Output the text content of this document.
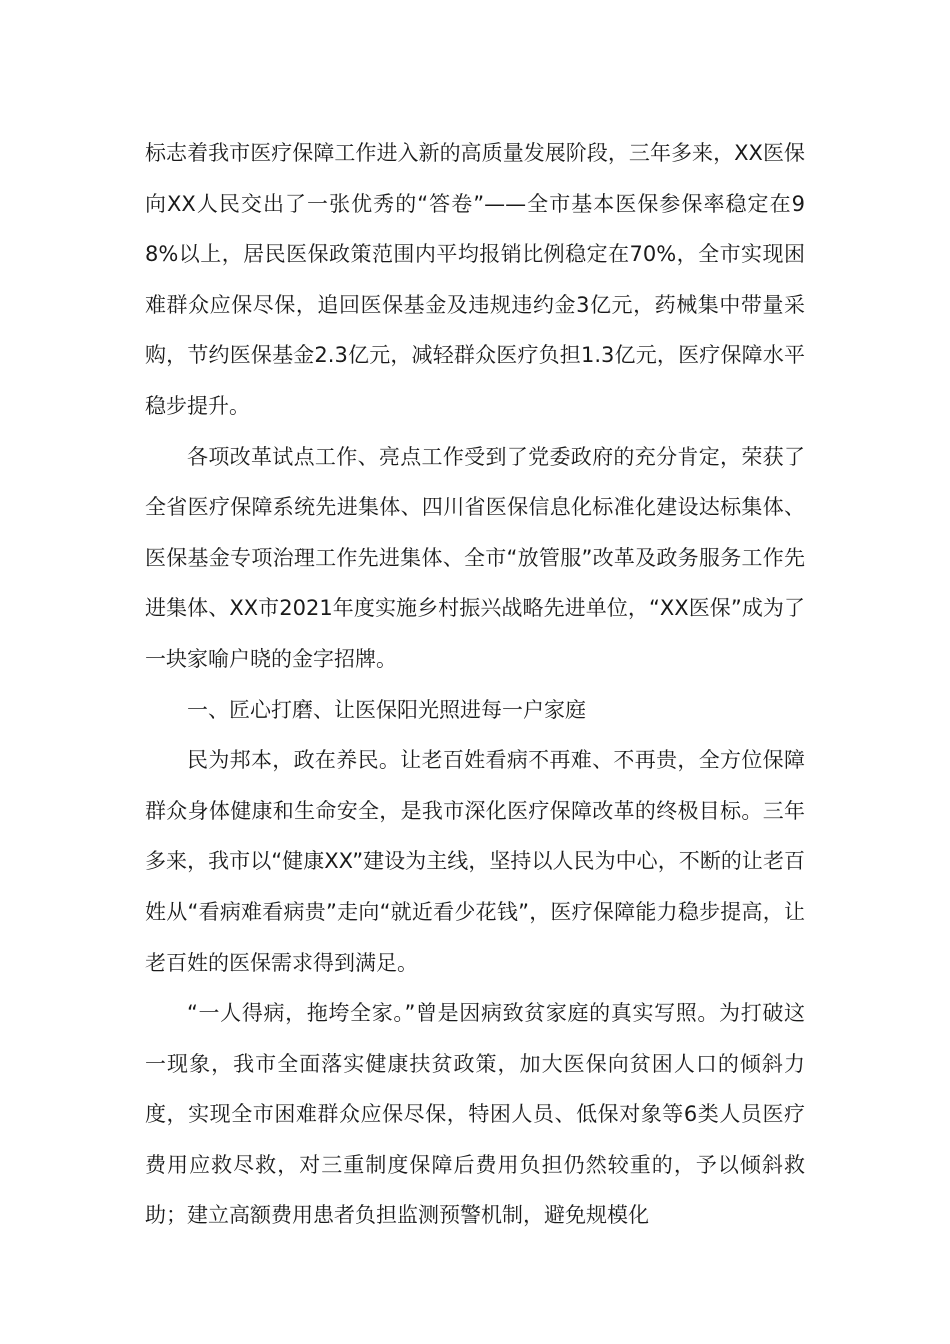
标志着我市医疗保障工作进入新的高质量发展阶段，三年多来，XX医保向XX人民交出了一张优秀的“答卷”——全市基本医保参保率稳定在98%以上，居民医保政策范围内平均报销比例稳定在70%，全市实现困难群众应保尽保，追回医保基金及违规违约金3亿元，药械集中带量采购，节约医保基金2.3亿元，减轻群众医疗负担1.3亿元，医疗保障水平稳步提升。

各项改革试点工作、亮点工作受到了党委政府的充分肯定，荣获了全省医疗保障系统先进集体、四川省医保信息化标准化建设达标集体、医保基金专项治理工作先进集体、全市“放管服”改革及政务服务工作先进集体、XX市2021年度实施乡村振兴战略先进单位，“XX医保”成为了一块家喻户晓的金字招牌。

一、匠心打磨、让医保阳光照进每一户家庭

民为邦本，政在养民。让老百姓看病不再难、不再贵，全方位保障群众身体健康和生命安全，是我市深化医疗保障改革的终极目标。三年多来，我市以“健康XX”建设为主线，坚持以人民为中心，不断的让老百姓从“看病难看病贵”走向“就近看少花钱”，医疗保障能力稳步提高，让老百姓的医保需求得到满足。

“一人得病，拖垮全家。”曾是因病致贫家庭的真实写照。为打破这一现象，我市全面落实健康扶贫政策，加大医保向贫困人口的倾斜力度，实现全市困难群众应保尽保，特困人员、低保对象等6类人员医疗费用应救尽救，对三重制度保障后费用负担仍然较重的，予以倾斜救助；建立高额费用患者负担监测预警机制，避免规模化
